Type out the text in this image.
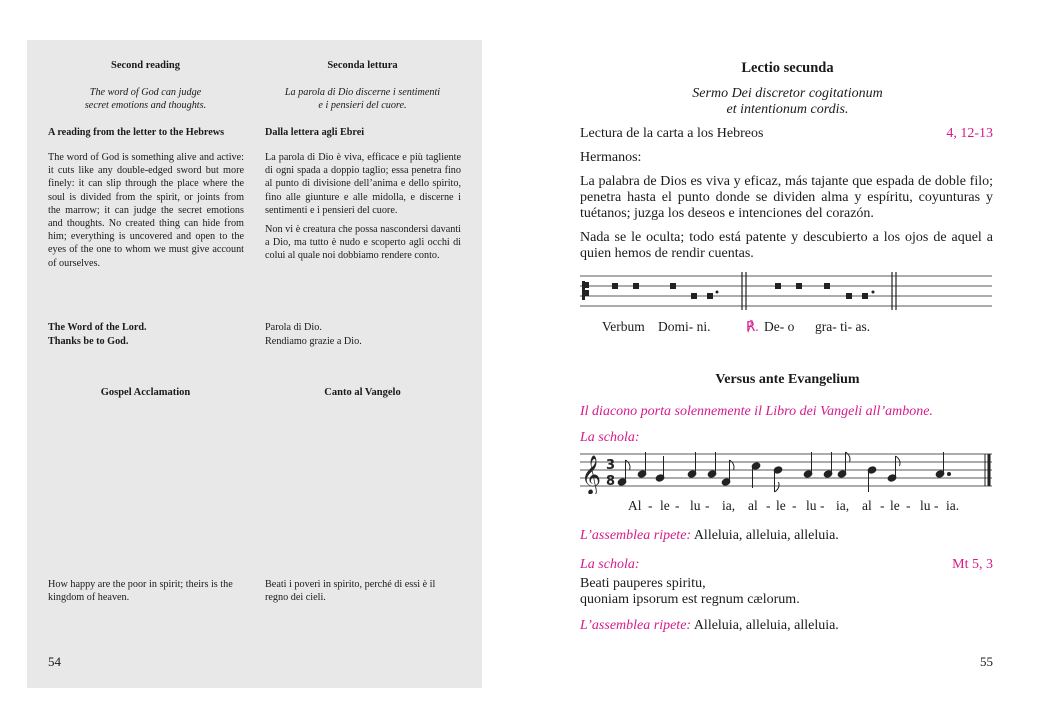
Second reading	Seconda lettura
The word of God can judge
secret emotions and thoughts.
La parola di Dio discerne i sentimenti
e i pensieri del cuore.
A reading from the letter to the Hebrews	Dalla lettera agli Ebrei

The word of God is something alive and active: it cuts like any double-edged sword but more finely: it can slip through the place where the soul is divided from the spirit, or joints from the marrow; it can judge the secret emotions and thoughts. No created thing can hide from him; everything is uncovered and open to the eyes of the one to whom we must give account of ourselves.

La parola di Dio è viva, efficace e più tagliente di ogni spada a doppio taglio; essa penetra fino al punto di divisione dell’anima e dello spirito, fino alle giunture e alle midolla, e discerne i sentimenti e i pensieri del cuore.

Non vi è creatura che possa nascondersi davanti a Dio, ma tutto è nudo e scoperto agli occhi di colui al quale noi dobbiamo rendere conto.

The Word of the Lord.
Thanks be to God.
Parola di Dio.
Rendiamo grazie a Dio.
Gospel Acclamation	Canto al Vangelo
How happy are the poor in spirit; theirs is the kingdom of heaven.
Beati i poveri in spirito, perché di essi è il regno dei cieli.
54
Lectio secunda
Sermo Dei discretor cogitationum
et intentionum cordis.
Lectura de la carta a los Hebreos	4, 12-13
Hermanos:
La palabra de Dios es viva y eficaz, más tajante que espada de doble filo; penetra hasta el punto donde se dividen alma y espíritu, coyunturas y tuétanos; juzga los deseos e intenciones del corazón.
Nada se le oculta; todo está patente y descubierto a los ojos de aquel a quien hemos de rendir cuentas.
Verbum Domi- ni.	℟. De- o gra- ti- as.
Versus ante Evangelium
Il diacono porta solennemente il Libro dei Vangeli all’ambone.
La schola:
𝄞 3
8
Al - le - lu - ia, al - le - lu - ia, al - le - lu - ia.
L’assemblea ripete: Alleluia, alleluia, alleluia.
La schola:	Mt 5, 3
Beati pauperes spiritu,
quoniam ipsorum est regnum cælorum.
L’assemblea ripete: Alleluia, alleluia, alleluia.
55
